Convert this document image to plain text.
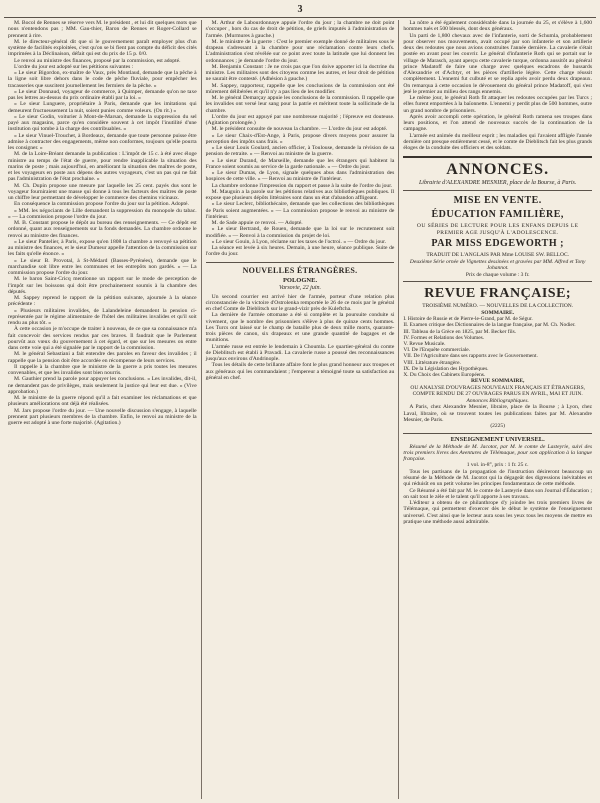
3

M. Bocol de Rennes se réserve vers M. le président , et lui dit quelques mots que nous n'entendons pas ; MM. Gau-thier, Baron de Rennes et Roger-Collard se prennent à rire.

M. le directeur-général dit que si le gouvernement paraît employer plus d'un système de facilités exploitées, c'est qu'on se bi fient pas compte du déficit des cités imprimées à la Déclinaison, défait qui est du prix de 15 p. 0/0.

Le renvoi au ministre des finances, proposé par la commission, est adopté.

L'ordre du jour est adopté sur les pétitions suivantes :

« Le sieur Bigordon, ex-maître de Vaux, près Montlaud, demande que la pêche à la ligne soit libre dehors dans le code de pêche fluviale, pour empêcher les tracasseries que suscitent journellement les fermiers de la pêche. »

« Le sieur Donnaud, voyageur de commerce, à Quimper, demande qu'on ne taxe pas les lettres au-dessus du prix ordinaire établi par la loi. »

« Le sieur Lunguere, propriétaire à Paris, demande que les imitations qui demeurent fructueusement la nuit, soient punies comme voleurs. (On rit.) »

« Le sieur Godin, voiturier à Mont-de-Marsan, demande la suppression du sel payé aux magasins, parce qu'en considère souvent à cet impôt l'inutilité d'une institution qui tombe à la charge des contribuables. »

« Le sieur Vinuel-Trouchet, à Bordeaux, demande que toute personne puisse être admise à contracter des engagements, même non conformes, toujours qu'elle pourra les consigner. »

M. de la Loire-Bréant demande la publication : L'impôt de 15 c. à été avec éloge ministre au temps de l'état de guerre, pour rendre inapplicable la situation des marins de poste ; mais aujourd'hui, en améliorant la situation des maîtres de poste, et les voyageurs en poste aux dépens des autres voyageurs, c'est un pas qui ne fait pas l'administration de l'état prochaine. »

M. Ch. Dupin propose une mesure par laquelle les 25 cent. payés dus sont le voyageur fourniraient une masse qui donne à tous les facteurs des maîtres de poste un chiffre leur permettant de développer le commerce des chemins vicinaux.

En conséquence la commission propose l'ordre du jour sur la pétition. Adopté.

« MM. les négociants de Lille demandent la suppression du monopole du tabac. » — La commission propose l'ordre du jour.

M. B. Constant propose le dépôt au bureau des renseignements. — Ce dépôt est ordonné, quant aux renseignements sur la fonds demandés. La chambre ordonne le renvoi au ministre des finances.

« Le sieur Pantelier, à Paris, expose qu'en 1808 la chambre a renvoyé sa pétition au ministre des finances, et le sieur Dumeur appelle l'attention de la commission sur les faits qu'elle énonce. »

« Le sieur B. Provotal, à St-Médard (Basses-Pyrénées), demande que le marchandise soit libre entre les communes et les entrepôts non gardés. » — La commission propose l'ordre du jour.

M. le baron Saint-Cricq mentionne un rapport sur le mode de perception de l'impôt sur les boissons qui doit être prochainement soumis à la chambre des députés.

M. Sappey reprend le rapport de la pétition suivante, ajournée à la séance précédente :

« Plusieurs militaires invalides, de Lalandeleine demandent la pension ci-représentée par le régime alimentaire de l'hôtel des militaires invalides et qu'il soit rendu au plus tôt. »

À cette occasion je m'occupe de traiter à nouveau, de ce que sa connaissance m'a fait concevoir des services rendus par ces braves. Il faudrait que le Parlement pourvût aux vœux du gouvernement à cet égard, et que sur les mesures on entre dans cette voie qui a été signalée par le rapport de la commission.

M. le général Sebastiani a fait entendre des paroles en faveur des invalides ; il rappelle que la pension doit être accordée en récompense de leurs services.

Il rappelle à la chambre que le ministre de la guerre a pris toutes les mesures convenables, et que les invalides sont bien nourris.

M. Gauthier prend la parole pour appuyer les conclusions. « Les invalides, dit-il, ne demandent pas de privilèges, mais seulement la justice qui leur est due. » (Vive approbation.)

M. le ministre de la guerre répond qu'il a fait examiner les réclamations et que plusieurs améliorations ont déjà été réalisées.

M. Jars propose l'ordre du jour. — Une nouvelle discussion s'engage, à laquelle prennent part plusieurs membres de la chambre. Enfin, le renvoi au ministre de la guerre est adopté à une forte majorité. (Agitation.)

M. Arthur de Labourdonnaye appuie l'ordre du jour ; la chambre ne doit point s'occuper , hors du cas de droit de pétition, de griefs imputés à l'administration de l'armée. (Murmures à gauche.)

M. le ministre de la guerre : C'est le premier exemple donné de militaires sous le drapeau s'adressant à la chambre pour une réclamation contre leurs chefs. L'administration s'est révélée sur ce point avec toute la latitude que lui donnent les ordonnances ; je demande l'ordre du jour.

M. Benjamin Constant : Je ne crois pas que l'on doive apporter ici la doctrine du ministre. Les militaires sont des citoyens comme les autres, et leur droit de pétition ne saurait être contesté. (Adhésion à gauche.)

M. Sappey, rapporteur, rappelle que les conclusions de la commission ont été mûrement délibérées et qu'il n'y a pas lieu de les modifier.

M. le général Demarçay appuie les conclusions de la commission. Il rappelle que les invalides ont versé leur sang pour la patrie et méritent toute la sollicitude de la chambre.

L'ordre du jour est appuyé par une nombreuse majorité ; l'épreuve est douteuse. (Agitation prolongée.)

M. le président consulte de nouveau la chambre. — L'ordre du jour est adopté.

« Le sieur Chaix-d'Est-Ange, à Paris, propose divers moyens pour assurer la perception des impôts sans frais. »

« Le sieur Louis Goulard, ancien officier, à Toulouse, demande la révision de sa pension de retraite. » — Renvoi au ministre de la guerre.

« Le sieur Durand, de Marseille, demande que les étrangers qui habitent la France soient soumis au service de la garde nationale. » — Ordre du jour.

« Le sieur Dumas, de Lyon, signale quelques abus dans l'administration des hospices de cette ville. » — Renvoi au ministre de l'intérieur.

La chambre ordonne l'impression du rapport et passe à la suite de l'ordre du jour.

M. Mauguin a la parole sur les pétitions relatives aux bibliothèques publiques. Il expose que plusieurs dépôts littéraires sont dans un état d'abandon affligeant.

« Le sieur Leclerc, bibliothécaire, demande que les collections des bibliothèques de Paris soient augmentées. » — La commission propose le renvoi au ministre de l'intérieur.

M. de Sade appuie ce renvoi. — Adopté.

« Le sieur Bertrand, de Rouen, demande que la loi sur le recrutement soit modifiée. » — Renvoi à la commission du projet de loi.

« Le sieur Gouin, à Lyon, réclame sur les taxes de l'octroi. » — Ordre du jour.

La séance est levée à six heures. Demain, à une heure, séance publique. Suite de l'ordre du jour.

NOUVELLES ÉTRANGÈRES.
POLOGNE.
Varsovie, 22 juin.

Un second courrier est arrivé hier de l'armée, porteur d'une relation plus circonstanciée de la victoire d'Ostrolenka remportée le 26 de ce mois par le général en chef Comte de Dieblitsch sur le grand-vizir près de Kuleftcha.

La dernière de l'armée ottomane a été si complète et la poursuite conduite si vivement, que le nombre des prisonniers s'élève à plus de quinze cents hommes. Les Turcs ont laissé sur le champ de bataille plus de deux mille morts, quarante-trois pièces de canon, six drapeaux et une grande quantité de bagages et de munitions.

L'armée russe est entrée le lendemain à Choumla. Le quartier-général du comte de Dieblitsch est établi à Pravadi. La cavalerie russe a poussé des reconnaissances jusqu'aux environs d'Andrinople.

Tous les détails de cette brillante affaire font le plus grand honneur aux troupes et aux généraux qui les commandaient ; l'empereur a témoigné toute sa satisfaction au général en chef.

La nôtre a été également considérable dans la journée du 25, et s'élève à 1,600 hommes tués et 500 blessés, dont deux généraux.

Un parti de 1,800 chevaux avec de l'infanterie, sorti de Schumla, probablement pour observer nos mouvements, avait occupé par son infanterie et son artillerie deux des redoutes que nous avions construites l'année dernière. La cavalerie s'était postée en avant pour les couvrir. Le général d'infanterie Roth qui se portait sur le village de Marasch, ayant aperçu cette cavalerie turque, ordonna aussitôt au général prince Madatoff de faire une charge avec quelques escadrons de hussards d'Alexandrie et d'Achtyr, et les pièces d'artillerie légère. Cette charge réussit complètement. L'ennemi fut culbuté et se replia après avoir perdu deux drapeaux. On remarqua à cette occasion le dévouement du général prince Madatoff, qui s'est jeté le premier au milieu des rangs ennemis.

Le même jour, le général Roth fit attaquer les redoutes occupées par les Turcs ; elles furent emportées à la baïonnette. L'ennemi y perdit plus de 500 hommes, outre un grand nombre de prisonniers.

Après avoir accompli cette opération, le général Roth ramena ses troupes dans leurs positions, et l'on attend de nouveaux succès de la continuation de la campagne.

L'armée est animée du meilleur esprit ; les maladies qui l'avaient affligée l'année dernière ont presque entièrement cessé, et le comte de Dieblitsch fait les plus grands éloges de la conduite des officiers et des soldats.

ANNONCES.
Librairie d'ALEXANDRE MESNIER, place de la Bourse, à Paris.
MISE EN VENTE.
ÉDUCATION FAMILIÈRE,
OU SÉRIES DE LECTURE POUR LES ENFANS DEPUIS LE PREMIER AGE JUSQU'À L'ADOLESCENCE.
PAR MISS EDGEWORTH ;
TRADUIT DE L'ANGLAIS PAR Mme LOUISE SW. BELLOC.
Deuxième Série ornée de Vignettes dessinées et gravées par MM. Alfred et Tony Johannot.
Prix de chaque volume : 3 fr.
REVUE FRANÇAISE;
TROISIÈME NUMÉRO. — NOUVELLES DE LA COLLECTION.
SOMMAIRE.
I. Histoire de Russie et de Pierre-le-Grand, par M. de Ségur.
II. Examen critique des Dictionnaires de la langue française, par M. Ch. Nodier.
III. Tableau de la Grèce en 1825, par M. Becker fils.
IV. Formes et Relations des Volumes.
V. Revue Musicale.
VI. De l'Enquête commerciale.
VII. De l'Agriculture dans ses rapports avec le Gouvernement.
VIII. Littérature étrangère.
IX. De la Législation des Hypothèques.
X. Du Choix des Cabinets Européens.
REVUE SOMMAIRE,
OU ANALYSE D'OUVRAGES NOUVEAUX FRANÇAIS ET ÉTRANGERS, COMPTE RENDU DE 27 OUVRAGES PARUS EN AVRIL, MAI ET JUIN.
Annonces Bibliographiques.

A Paris, chez Alexandre Mesnier, libraire, place de la Bourse ; à Lyon, chez Laval, libraire, où se trouvent toutes les publications faites par M. Alexandre Mesnier, de Paris.

(2225)
ENSEIGNEMENT UNIVERSEL.

Résumé de la Méthode de M. Jacotot, par M. le comte de Lasteyrie, suivi des trois premiers livres des Aventures de Télémaque, pour son application à la langue française.

1 vol. in-8°, prix : 1 fr. 25 c.

Tous les partisans de la propagation de l'instruction désireront beaucoup un résumé de la Méthode de M. Jacotot qui la dégageât des digressions inévitables et qui réduisît en un petit volume les principes fondamentaux de cette méthode.

Ce Résumé a été fait par M. le comte de Lasteyrie dans son Journal d'Éducation ; on sait tout le zèle et le talent qu'il apporte à ses travaux.

L'éditeur a obtenu de ce philanthrope d'y joindre les trois premiers livres de Télémaque, qui permettent d'exercer dès le début le système de l'enseignement universel. C'est ainsi que le lecteur aura sous les yeux tous les moyens de mettre en pratique une méthode aussi admirable.
